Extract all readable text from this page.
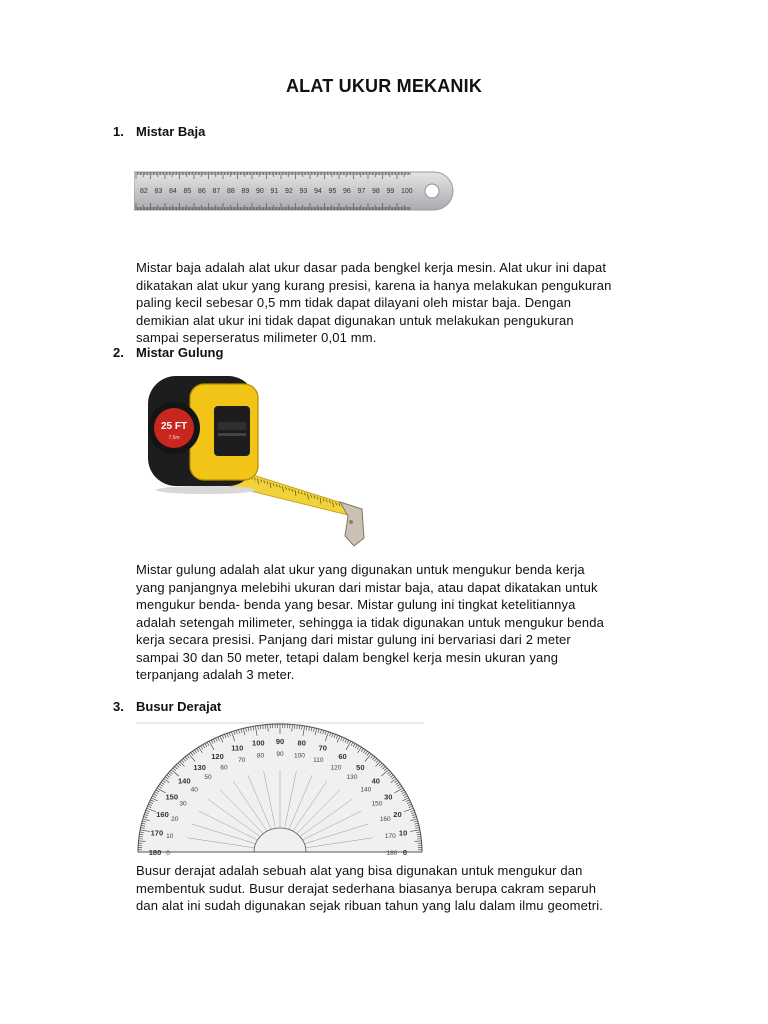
ALAT UKUR MEKANIK
1. Mistar Baja
82 83 84 85 86 87 88 89 90 91 92 93 94 95 96 97 98 99 100
Mistar baja adalah alat ukur dasar pada bengkel kerja mesin. Alat ukur ini dapat
dikatakan alat ukur yang kurang presisi, karena ia hanya melakukan pengukuran
paling kecil sebesar 0,5 mm tidak dapat dilayani oleh mistar baja. Dengan
demikian alat ukur ini tidak dapat digunakan untuk melakukan pengukuran
sampai seperseratus milimeter 0,01 mm.
2. Mistar Gulung
25 FT
7.5m
Mistar gulung adalah alat ukur yang digunakan untuk mengukur benda kerja
yang panjangnya melebihi ukuran dari mistar baja, atau dapat dikatakan untuk
mengukur benda- benda yang besar. Mistar gulung ini tingkat ketelitiannya
adalah setengah milimeter, sehingga ia tidak digunakan untuk mengukur benda
kerja secara presisi. Panjang dari mistar gulung ini bervariasi dari 2 meter
sampai 30 dan 50 meter, tetapi dalam bengkel kerja mesin ukuran yang
terpanjang adalah 3 meter.
3. Busur Derajat
180
170
160
150
140
130
120
110
100 90 80
70
60
50
40
30
20
10
0
0
10
20
30
40
50
60
70
80 90 100
110
120
130
140
150
160
170
180
Busur derajat adalah sebuah alat yang bisa digunakan untuk mengukur dan
membentuk sudut. Busur derajat sederhana biasanya berupa cakram separuh
dan alat ini sudah digunakan sejak ribuan tahun yang lalu dalam ilmu geometri.
